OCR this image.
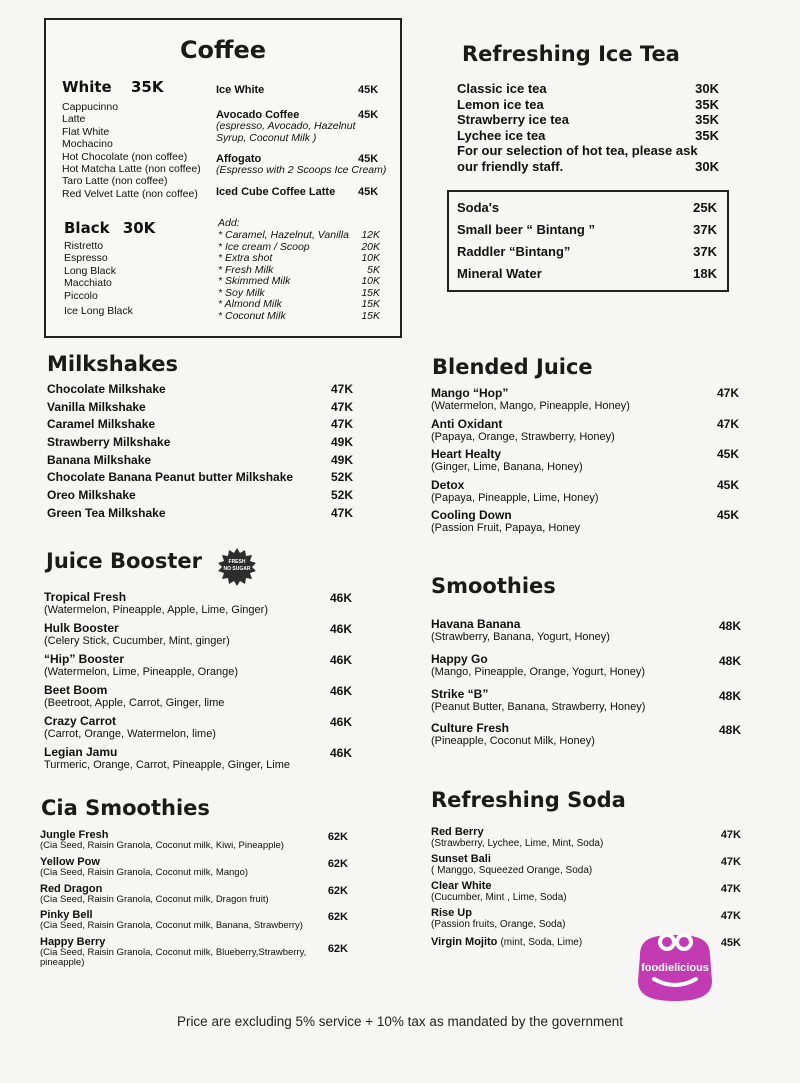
Coffee
White 35K
Cappucinno
Latte
Flat White
Mochacino
Hot Chocolate (non coffee)
Hot Matcha Latte (non coffee)
Taro Latte (non coffee)
Red Velvet Latte (non coffee)
Black 30K
Ristretto
Espresso
Long Black
Macchiato
Piccolo
Ice Long Black
Ice White	45K
Avocado Coffee	45K
(espresso, Avocado, Hazelnut Syrup, Coconut Milk )
Affogato	45K
(Espresso with 2 Scoops Ice Cream)
Iced Cube Coffee Latte 45K
Add:
* Caramel, Hazelnut, Vanilla 12K
* Ice cream / Scoop	20K
* Extra shot	10K
* Fresh Milk	5K
* Skimmed Milk	10K
* Soy Milk	15K
* Almond Milk	15K
* Coconut Milk	15K
Refreshing Ice Tea
Classic ice tea	30K
Lemon ice tea	35K
Strawberry ice tea	35K
Lychee ice tea	35K
For our selection of hot tea, please ask
our friendly staff.	30K
Soda's	25K
Small beer “ Bintang ”	37K
Raddler “Bintang”	37K
Mineral Water	18K
Milkshakes
Chocolate Milkshake	47K
Vanilla Milkshake	47K
Caramel Milkshake	47K
Strawberry Milkshake	49K
Banana Milkshake	49K
Chocolate Banana Peanut butter Milkshake	52K
Oreo Milkshake	52K
Green Tea Milkshake	47K
Juice Booster	FRESH
NO SUGAR
Tropical Fresh
(Watermelon, Pineapple, Apple, Lime, Ginger)
46K
Hulk Booster
(Celery Stick, Cucumber, Mint, ginger)
46K
“Hip” Booster
(Watermelon, Lime, Pineapple, Orange)
46K
Beet Boom
(Beetroot, Apple, Carrot, Ginger, lime
46K
Crazy Carrot
(Carrot, Orange, Watermelon, lime)
46K
Legian Jamu
Turmeric, Orange, Carrot, Pineapple, Ginger, Lime
46K
Cia Smoothies
Jungle Fresh
(Cia Seed, Raisin Granola, Coconut milk, Kiwi, Pineapple)
62K
Yellow Pow
(Cia Seed, Raisin Granola, Coconut milk, Mango)
62K
Red Dragon
(Cia Seed, Raisin Granola, Coconut milk, Dragon fruit)
62K
Pinky Bell
(Cia Seed, Raisin Granola, Coconut milk, Banana, Strawberry)
62K
Happy Berry
(Cia Seed, Raisin Granola, Coconut milk, Blueberry,Strawberry,
pineapple)
62K
Blended Juice
Mango “Hop”
(Watermelon, Mango, Pineapple, Honey)
47K
Anti Oxidant
(Papaya, Orange, Strawberry, Honey)
47K
Heart Healty
(Ginger, Lime, Banana, Honey)
45K
Detox
(Papaya, Pineapple, Lime, Honey)
45K
Cooling Down
(Passion Fruit, Papaya, Honey
45K
Smoothies
Havana Banana
(Strawberry, Banana, Yogurt, Honey)
48K
Happy Go
(Mango, Pineapple, Orange, Yogurt, Honey)
48K
Strike “B”
(Peanut Butter, Banana, Strawberry, Honey)
48K
Culture Fresh
(Pineapple, Coconut Milk, Honey)
48K
Refreshing Soda
Red Berry
(Strawberry, Lychee, Lime, Mint, Soda)
47K
Sunset Bali
( Manggo, Squeezed Orange, Soda)
47K
Clear White
(Cucumber, Mint , Lime, Soda)
47K
Rise Up
(Passion fruits, Orange, Soda)
47K
Virgin Mojito (mint, Soda, Lime)	45K
foodielicious
Price are excluding 5% service + 10% tax as mandated by the government
